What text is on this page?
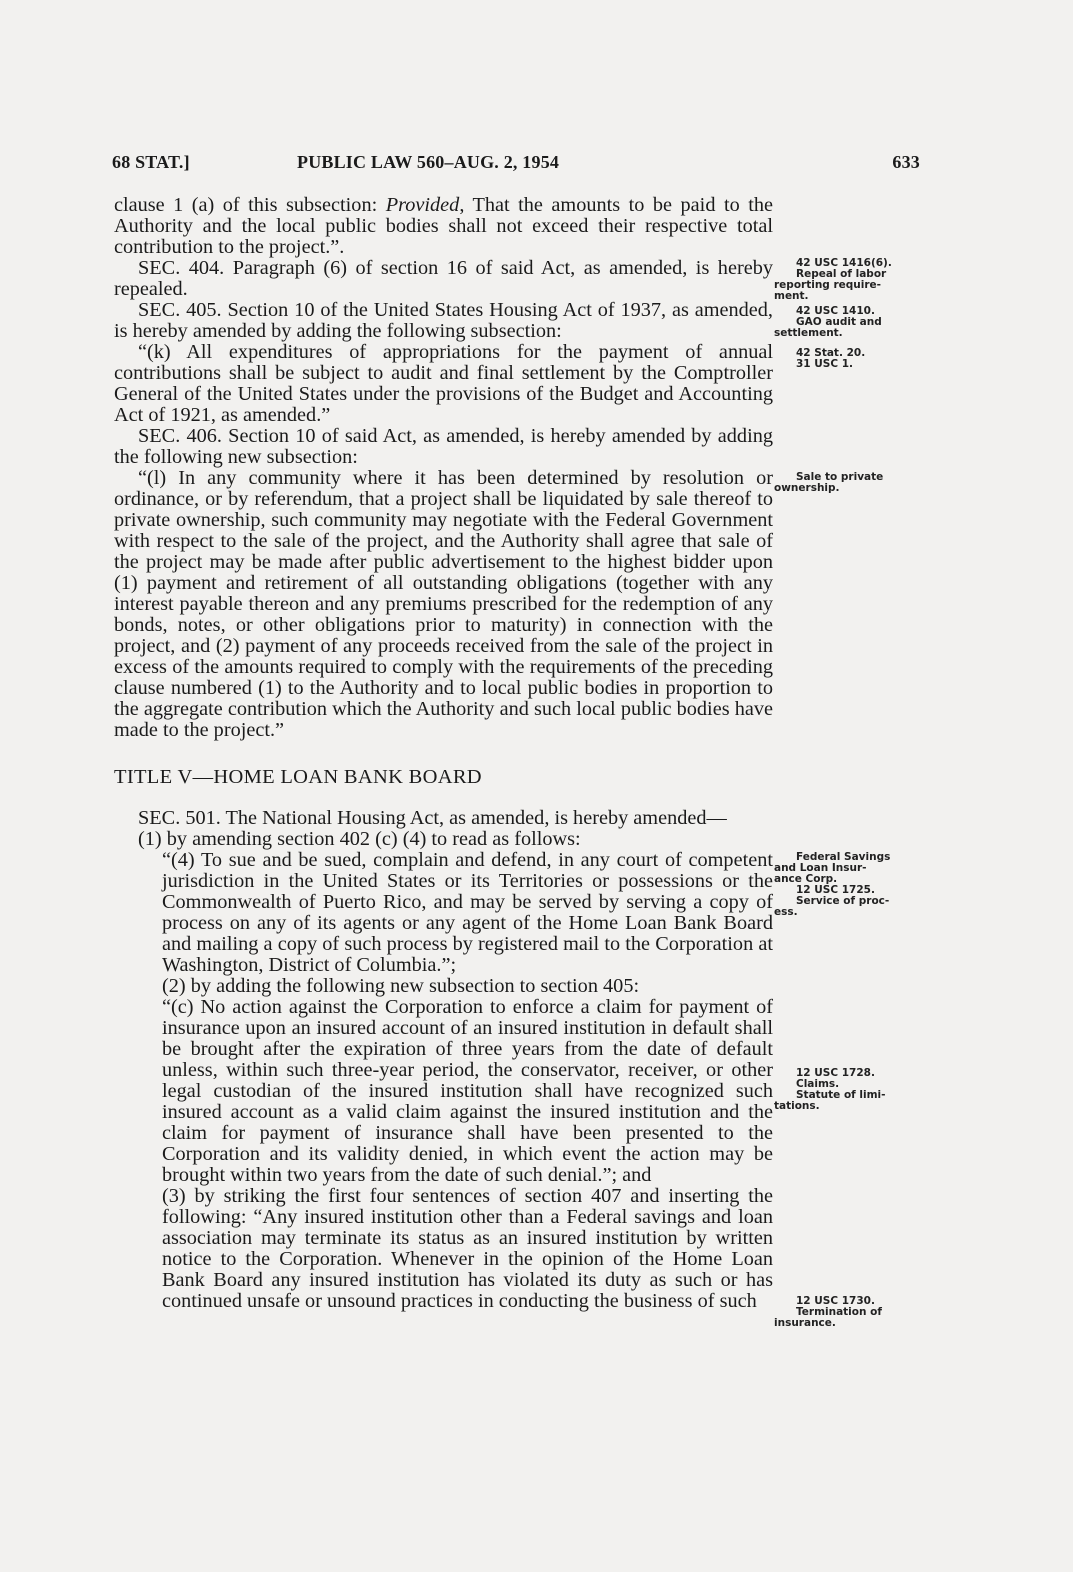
68 STAT.]	PUBLIC LAW 560–AUG. 2, 1954	633

clause 1 (a) of this subsection: Provided, That the amounts to be paid to the Authority and the local public bodies shall not exceed their respective total contribution to the project.”.

SEC. 404. Paragraph (6) of section 16 of said Act, as amended, is hereby repealed.

SEC. 405. Section 10 of the United States Housing Act of 1937, as amended, is hereby amended by adding the following subsection:

“(k) All expenditures of appropriations for the payment of annual contributions shall be subject to audit and final settlement by the Comptroller General of the United States under the provisions of the Budget and Accounting Act of 1921, as amended.”

SEC. 406. Section 10 of said Act, as amended, is hereby amended by adding the following new subsection:

“(l) In any community where it has been determined by resolution or ordinance, or by referendum, that a project shall be liquidated by sale thereof to private ownership, such community may negotiate with the Federal Government with respect to the sale of the project, and the Authority shall agree that sale of the project may be made after public advertisement to the highest bidder upon (1) payment and retirement of all outstanding obligations (together with any interest payable thereon and any premiums prescribed for the redemption of any bonds, notes, or other obligations prior to maturity) in connection with the project, and (2) payment of any proceeds received from the sale of the project in excess of the amounts required to comply with the requirements of the preceding clause numbered (1) to the Authority and to local public bodies in proportion to the aggregate contribution which the Authority and such local public bodies have made to the project.”

TITLE V—HOME LOAN BANK BOARD

SEC. 501. The National Housing Act, as amended, is hereby amended—

(1) by amending section 402 (c) (4) to read as follows:

“(4) To sue and be sued, complain and defend, in any court of competent jurisdiction in the United States or its Territories or possessions or the Commonwealth of Puerto Rico, and may be served by serving a copy of process on any of its agents or any agent of the Home Loan Bank Board and mailing a copy of such process by registered mail to the Corporation at Washington, District of Columbia.”;

(2) by adding the following new subsection to section 405:

“(c) No action against the Corporation to enforce a claim for payment of insurance upon an insured account of an insured institution in default shall be brought after the expiration of three years from the date of default unless, within such three-year period, the conservator, receiver, or other legal custodian of the insured institution shall have recognized such insured account as a valid claim against the insured institution and the claim for payment of insurance shall have been presented to the Corporation and its validity denied, in which event the action may be brought within two years from the date of such denial.”; and

(3) by striking the first four sentences of section 407 and inserting the following: “Any insured institution other than a Federal savings and loan association may terminate its status as an insured institution by written notice to the Corporation. Whenever in the opinion of the Home Loan Bank Board any insured institution has violated its duty as such or has continued unsafe or unsound practices in conducting the business of such

42 USC 1416(6).
Repeal of labor
reporting require-
ment.
42 USC 1410.
GAO audit and
settlement.
42 Stat. 20.
31 USC 1.
Sale to private
ownership.
Federal Savings
and Loan Insur-
ance Corp.
12 USC 1725.
Service of proc-
ess.
12 USC 1728.
Claims.
Statute of limi-
tations.
12 USC 1730.
Termination of
insurance.
